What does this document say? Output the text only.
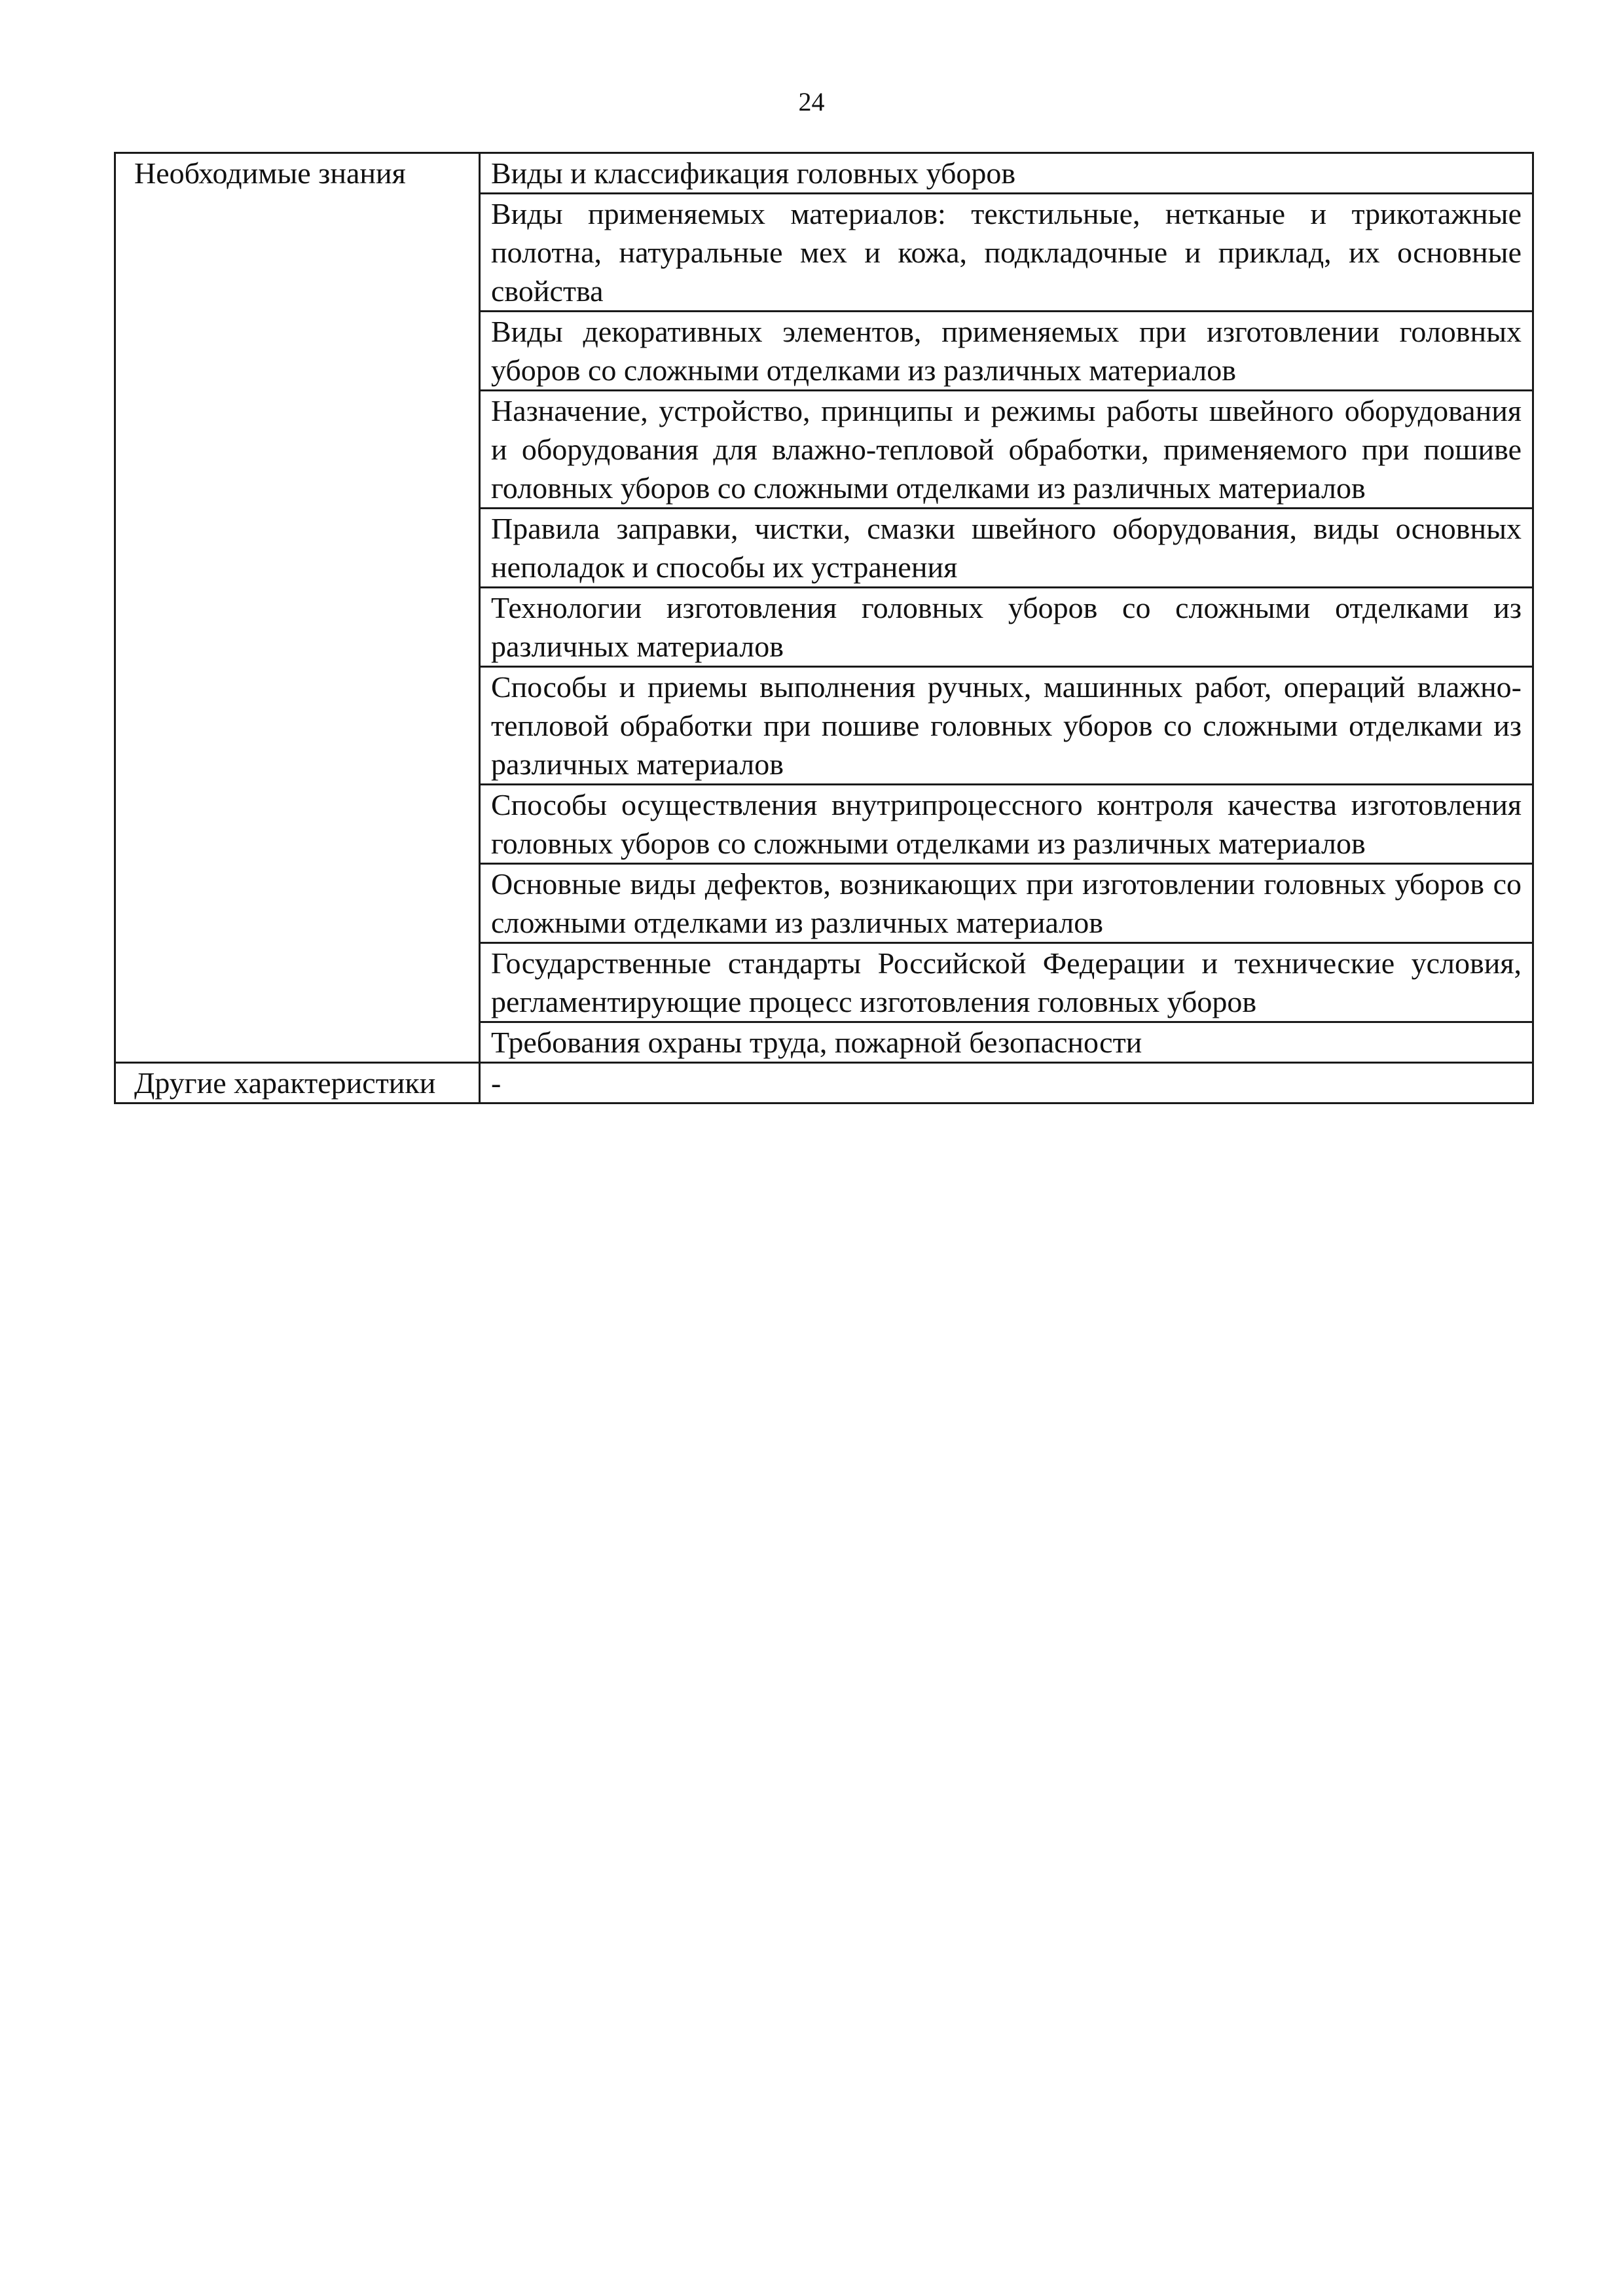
24
Необходимые знания	Виды и классификация головных уборов
	Виды применяемых материалов: текстильные, нетканые и трикотажные полотна, натуральные мех и кожа, подкладочные и приклад, их основные свойства
	Виды декоративных элементов, применяемых при изготовлении головных уборов со сложными отделками из различных материалов
	Назначение, устройство, принципы и режимы работы швейного оборудования и оборудования для влажно-тепловой обработки, применяемого при пошиве головных уборов со сложными отделками из различных материалов
	Правила заправки, чистки, смазки швейного оборудования, виды основных неполадок и способы их устранения
	Технологии изготовления головных уборов со сложными отделками из различных материалов
	Способы и приемы выполнения ручных, машинных работ, операций влажно-тепловой обработки при пошиве головных уборов со сложными отделками из различных материалов
	Способы осуществления внутрипроцессного контроля качества изготовления головных уборов со сложными отделками из различных материалов
	Основные виды дефектов, возникающих при изготовлении головных уборов со сложными отделками из различных материалов
	Государственные стандарты Российской Федерации и технические условия, регламентирующие процесс изготовления головных уборов
	Требования охраны труда, пожарной безопасности
Другие характеристики	-
